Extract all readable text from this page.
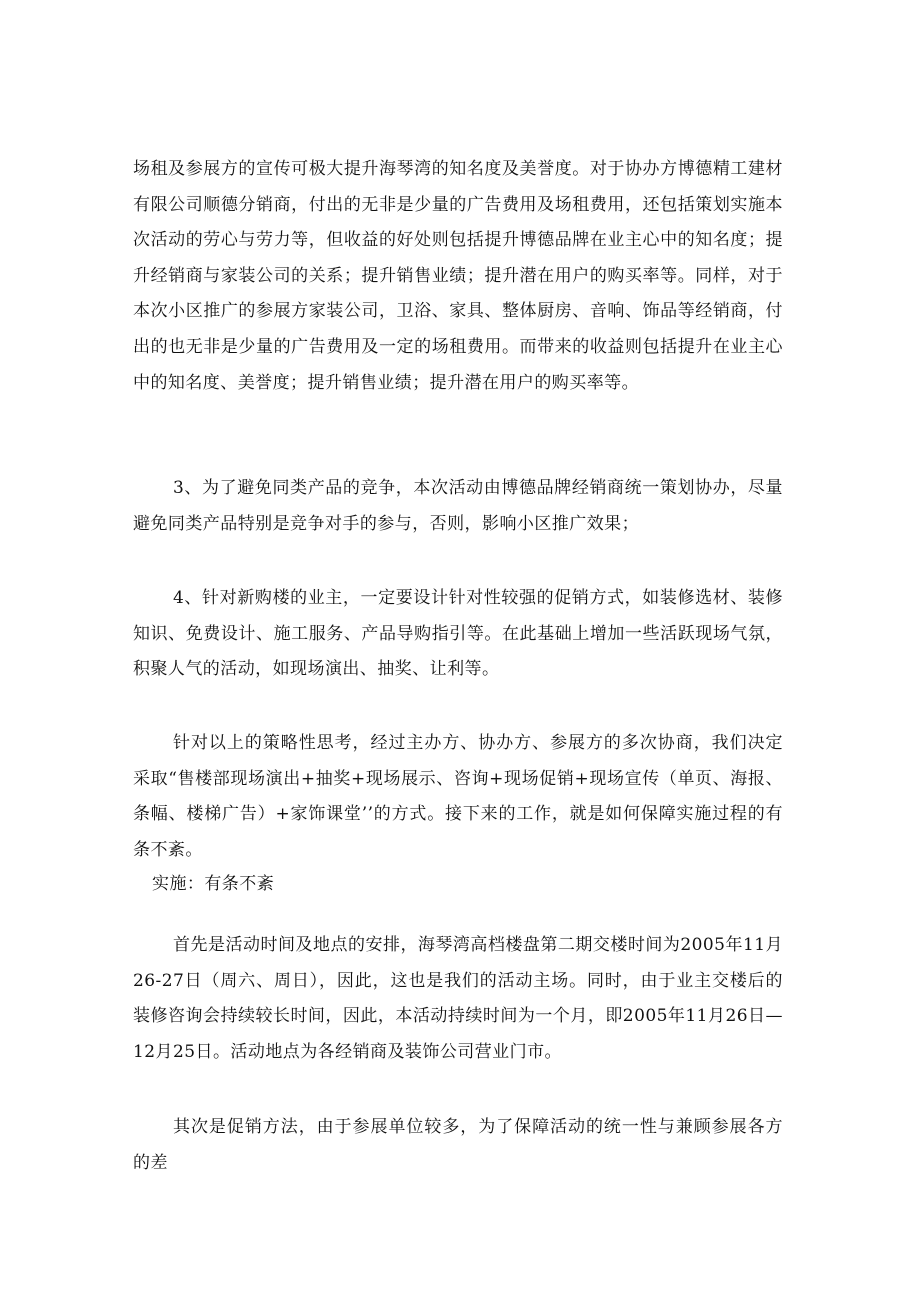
场租及参展方的宣传可极大提升海琴湾的知名度及美誉度。对于协办方博德精工建材有限公司顺德分销商，付出的无非是少量的广告费用及场租费用，还包括策划实施本次活动的劳心与劳力等，但收益的好处则包括提升博德品牌在业主心中的知名度；提升经销商与家装公司的关系；提升销售业绩；提升潜在用户的购买率等。同样，对于本次小区推广的参展方家装公司，卫浴、家具、整体厨房、音响、饰品等经销商，付出的也无非是少量的广告费用及一定的场租费用。而带来的收益则包括提升在业主心中的知名度、美誉度；提升销售业绩；提升潜在用户的购买率等。

3、为了避免同类产品的竞争，本次活动由博德品牌经销商统一策划协办，尽量避免同类产品特别是竞争对手的参与，否则，影响小区推广效果；

4、针对新购楼的业主，一定要设计针对性较强的促销方式，如装修选材、装修知识、免费设计、施工服务、产品导购指引等。在此基础上增加一些活跃现场气氛，积聚人气的活动，如现场演出、抽奖、让利等。

针对以上的策略性思考，经过主办方、协办方、参展方的多次协商，我们决定采取“售楼部现场演出+抽奖+现场展示、咨询+现场促销+现场宣传（单页、海报、条幅、楼梯广告）+家饰课堂’’的方式。接下来的工作，就是如何保障实施过程的有条不紊。

实施：有条不紊

首先是活动时间及地点的安排，海琴湾高档楼盘第二期交楼时间为2005年11月26-27日（周六、周日），因此，这也是我们的活动主场。同时，由于业主交楼后的装修咨询会持续较长时间，因此，本活动持续时间为一个月，即2005年11月26日—12月25日。活动地点为各经销商及装饰公司营业门市。

其次是促销方法，由于参展单位较多，为了保障活动的统一性与兼顾参展各方的差
